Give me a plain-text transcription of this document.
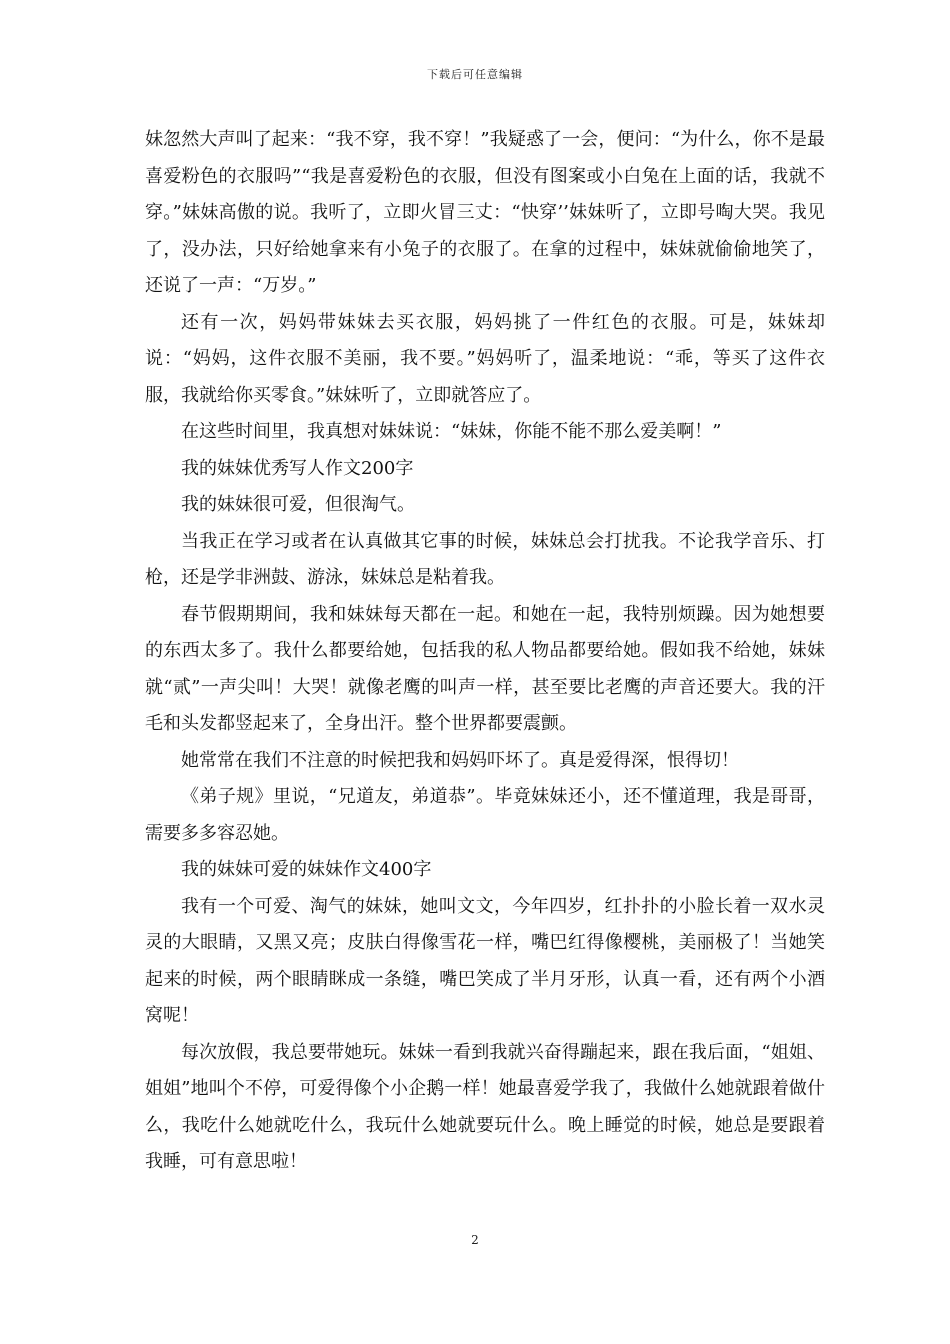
下载后可任意编辑

妹忽然大声叫了起来：“我不穿，我不穿！”我疑惑了一会，便问：“为什么，你不是最喜爱粉色的衣服吗”“我是喜爱粉色的衣服，但没有图案或小白兔在上面的话，我就不穿。”妹妹高傲的说。我听了，立即火冒三丈：“快穿’’妹妹听了，立即号啕大哭。我见了，没办法，只好给她拿来有小兔子的衣服了。在拿的过程中，妹妹就偷偷地笑了，还说了一声：“万岁。”

还有一次，妈妈带妹妹去买衣服，妈妈挑了一件红色的衣服。可是，妹妹却说：“妈妈，这件衣服不美丽，我不要。”妈妈听了，温柔地说：“乖，等买了这件衣服，我就给你买零食。”妹妹听了，立即就答应了。

在这些时间里，我真想对妹妹说：“妹妹，你能不能不那么爱美啊！”

我的妹妹优秀写人作文200字

我的妹妹很可爱，但很淘气。

当我正在学习或者在认真做其它事的时候，妹妹总会打扰我。不论我学音乐、打枪，还是学非洲鼓、游泳，妹妹总是粘着我。

春节假期期间，我和妹妹每天都在一起。和她在一起，我特别烦躁。因为她想要的东西太多了。我什么都要给她，包括我的私人物品都要给她。假如我不给她，妹妹就“贰”一声尖叫！大哭！就像老鹰的叫声一样，甚至要比老鹰的声音还要大。我的汗毛和头发都竖起来了，全身出汗。整个世界都要震颤。

她常常在我们不注意的时候把我和妈妈吓坏了。真是爱得深，恨得切！

《弟子规》里说，“兄道友，弟道恭”。毕竟妹妹还小，还不懂道理，我是哥哥，需要多多容忍她。

我的妹妹可爱的妹妹作文400字

我有一个可爱、淘气的妹妹，她叫文文，今年四岁，红扑扑的小脸长着一双水灵灵的大眼睛，又黑又亮；皮肤白得像雪花一样，嘴巴红得像樱桃，美丽极了！当她笑起来的时候，两个眼睛眯成一条缝，嘴巴笑成了半月牙形，认真一看，还有两个小酒窝呢！

每次放假，我总要带她玩。妹妹一看到我就兴奋得蹦起来，跟在我后面，“姐姐、姐姐”地叫个不停，可爱得像个小企鹅一样！她最喜爱学我了，我做什么她就跟着做什么，我吃什么她就吃什么，我玩什么她就要玩什么。晚上睡觉的时候，她总是要跟着我睡，可有意思啦！

2
